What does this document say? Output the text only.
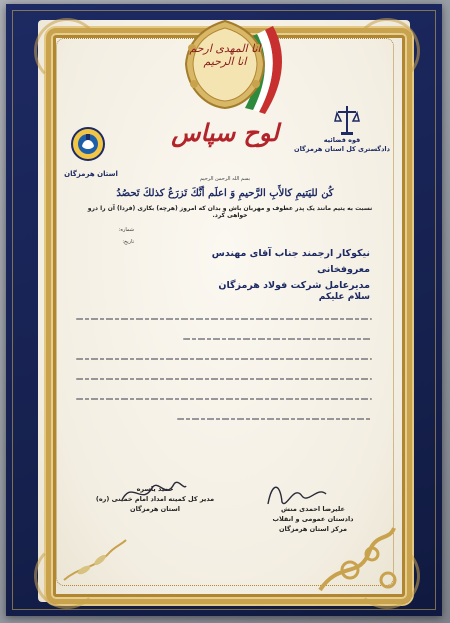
انا المهدی ارحم انا الرحیم
استان هرمزگان
قوه قضائیه
دادگستری کل استان هرمزگان
لوح سپاس
بسم الله الرحمن الرحیم
كُن لليَتيمِ كالأَبِ الرَّحيمِ وَ اعلَم أنَّكَ تَزرَعُ كذلكَ تَحصُدُ
نسبت به یتیم مانند یک پدر عطوف و مهربان باش و بدان که امروز (هرچه) بکاری (فردا) آن را درو خواهی کرد.
شماره:
تاریخ:
نیکوکار ارجمند جناب آقای مهندس معروفخانی
مدیرعامل شرکت فولاد هرمزگان
سلام علیکم
حمید یاسره
مدیر کل کمیته امداد امام خمینی (ره)
استان هرمزگان	علیرضا احمدی منش
دادستان عمومی و انقلاب
مرکز استان هرمزگان
